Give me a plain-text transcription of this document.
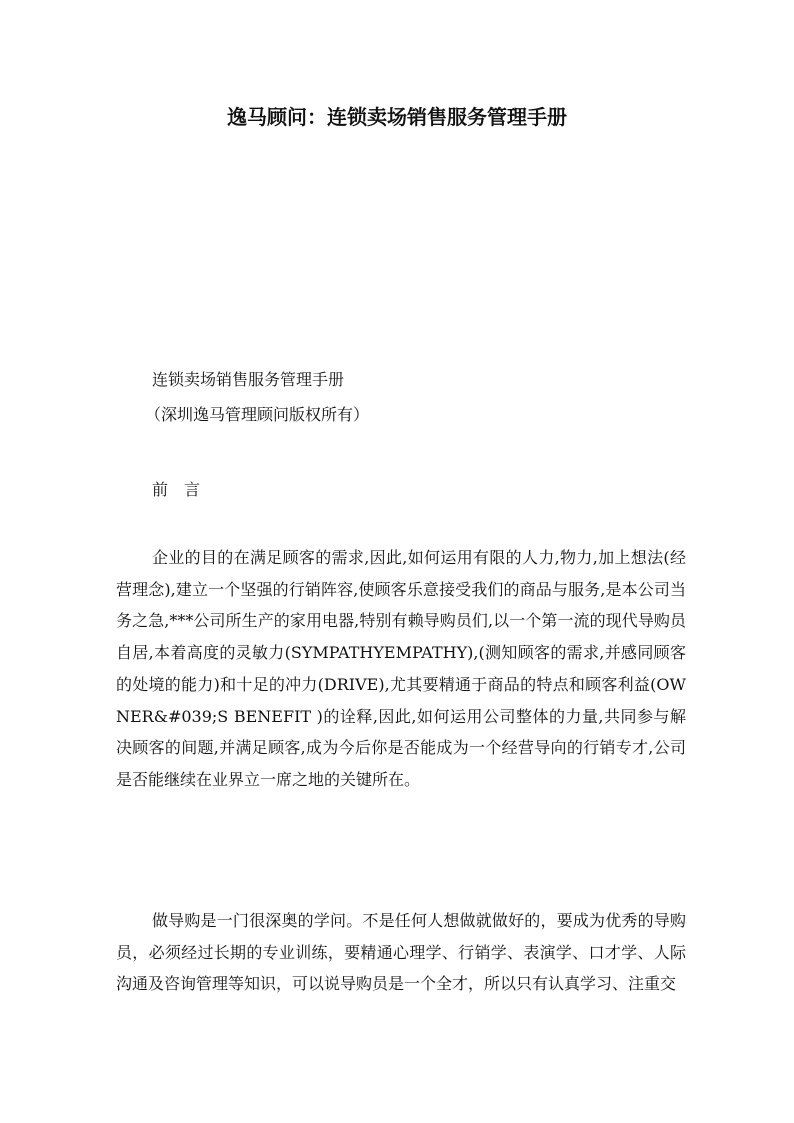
逸马顾问：连锁卖场销售服务管理手册
连锁卖场销售服务管理手册
（深圳逸马管理顾问版权所有）
前　言
企业的目的在满足顾客的需求,因此,如何运用有限的人力,物力,加上想法(经营理念),建立一个坚强的行销阵容,使顾客乐意接受我们的商品与服务,是本公司当务之急,***公司所生产的家用电器,特别有赖导购员们,以一个第一流的现代导购员自居,本着高度的灵敏力(SYMPATHYEMPATHY),(测知顾客的需求,并感同顾客的处境的能力)和十足的冲力(DRIVE),尤其要精通于商品的特点和顾客利益(OWNER&#039;S BENEFIT )的诠释,因此,如何运用公司整体的力量,共同参与解决顾客的间题,并满足顾客,成为今后你是否能成为一个经营导向的行销专才,公司是否能继续在业界立一席之地的关键所在。
做导购是一门很深奥的学问。不是任何人想做就做好的，要成为优秀的导购员，必须经过长期的专业训练，要精通心理学、行销学、表演学、口才学、人际沟通及咨询管理等知识，可以说导购员是一个全才，所以只有认真学习、注重交
